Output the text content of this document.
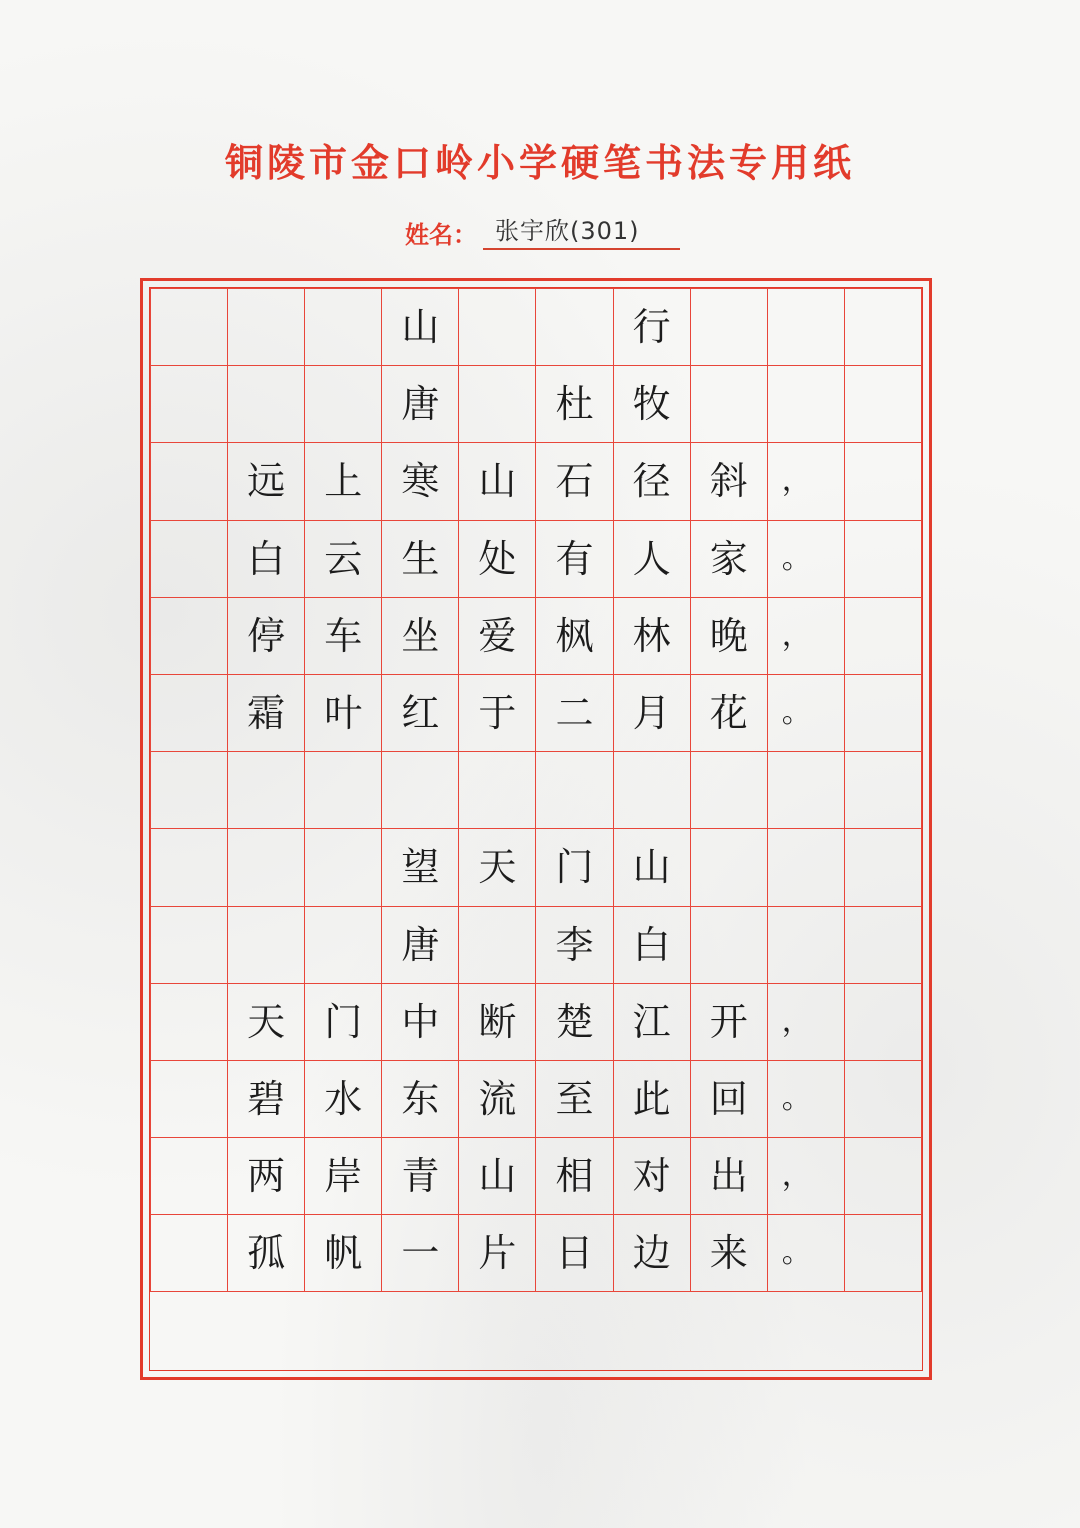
铜陵市金口岭小学硬笔书法专用纸
姓名： 张宇欣(301)
山	行
唐	杜	牧
远	上	寒	山	石	径	斜	，
白	云	生	处	有	人	家	。
停	车	坐	爱	枫	林	晚	，
霜	叶	红	于	二	月	花	。
望	天	门	山
唐	李	白
天	门	中	断	楚	江	开	，
碧	水	东	流	至	此	回	。
两	岸	青	山	相	对	出	，
孤	帆	一	片	日	边	来	。
